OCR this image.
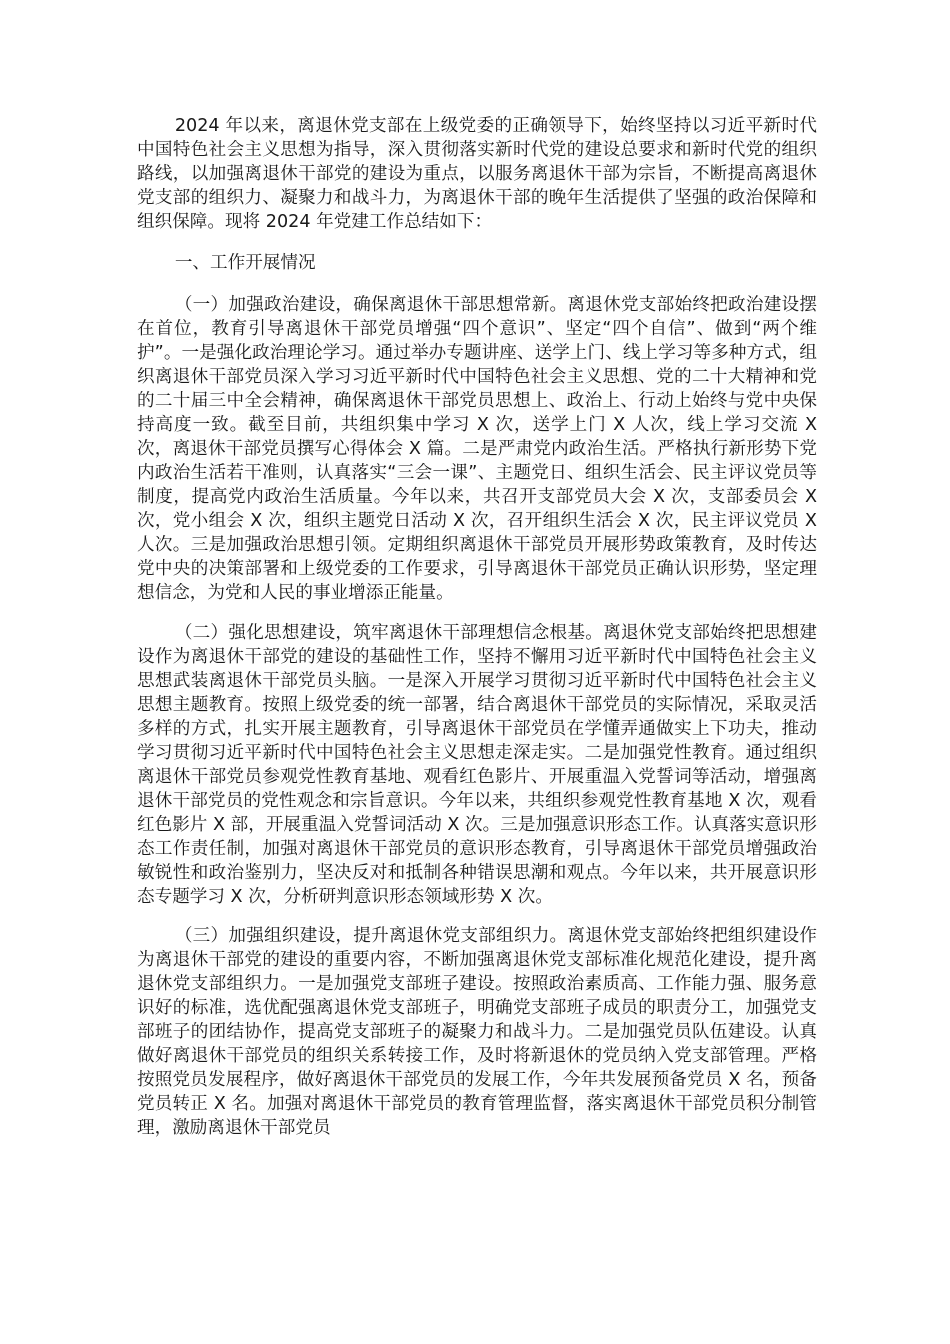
2024 年以来，离退休党支部在上级党委的正确领导下，始终坚持以习近平新时代中国特色社会主义思想为指导，深入贯彻落实新时代党的建设总要求和新时代党的组织路线，以加强离退休干部党的建设为重点，以服务离退休干部为宗旨，不断提高离退休党支部的组织力、凝聚力和战斗力，为离退休干部的晚年生活提供了坚强的政治保障和组织保障。现将 2024 年党建工作总结如下：

一、工作开展情况

（一）加强政治建设，确保离退休干部思想常新。离退休党支部始终把政治建设摆在首位，教育引导离退休干部党员增强“四个意识”、坚定“四个自信”、做到“两个维护”。一是强化政治理论学习。通过举办专题讲座、送学上门、线上学习等多种方式，组织离退休干部党员深入学习习近平新时代中国特色社会主义思想、党的二十大精神和党的二十届三中全会精神，确保离退休干部党员思想上、政治上、行动上始终与党中央保持高度一致。截至目前，共组织集中学习 X 次，送学上门 X 人次，线上学习交流 X 次，离退休干部党员撰写心得体会 X 篇。二是严肃党内政治生活。严格执行新形势下党内政治生活若干准则，认真落实“三会一课”、主题党日、组织生活会、民主评议党员等制度，提高党内政治生活质量。今年以来，共召开支部党员大会 X 次，支部委员会 X 次，党小组会 X 次，组织主题党日活动 X 次，召开组织生活会 X 次，民主评议党员 X 人次。三是加强政治思想引领。定期组织离退休干部党员开展形势政策教育，及时传达党中央的决策部署和上级党委的工作要求，引导离退休干部党员正确认识形势，坚定理想信念，为党和人民的事业增添正能量。

（二）强化思想建设，筑牢离退休干部理想信念根基。离退休党支部始终把思想建设作为离退休干部党的建设的基础性工作，坚持不懈用习近平新时代中国特色社会主义思想武装离退休干部党员头脑。一是深入开展学习贯彻习近平新时代中国特色社会主义思想主题教育。按照上级党委的统一部署，结合离退休干部党员的实际情况，采取灵活多样的方式，扎实开展主题教育，引导离退休干部党员在学懂弄通做实上下功夫，推动学习贯彻习近平新时代中国特色社会主义思想走深走实。二是加强党性教育。通过组织离退休干部党员参观党性教育基地、观看红色影片、开展重温入党誓词等活动，增强离退休干部党员的党性观念和宗旨意识。今年以来，共组织参观党性教育基地 X 次，观看红色影片 X 部，开展重温入党誓词活动 X 次。三是加强意识形态工作。认真落实意识形态工作责任制，加强对离退休干部党员的意识形态教育，引导离退休干部党员增强政治敏锐性和政治鉴别力，坚决反对和抵制各种错误思潮和观点。今年以来，共开展意识形态专题学习 X 次，分析研判意识形态领域形势 X 次。

（三）加强组织建设，提升离退休党支部组织力。离退休党支部始终把组织建设作为离退休干部党的建设的重要内容，不断加强离退休党支部标准化规范化建设，提升离退休党支部组织力。一是加强党支部班子建设。按照政治素质高、工作能力强、服务意识好的标准，选优配强离退休党支部班子，明确党支部班子成员的职责分工，加强党支部班子的团结协作，提高党支部班子的凝聚力和战斗力。二是加强党员队伍建设。认真做好离退休干部党员的组织关系转接工作，及时将新退休的党员纳入党支部管理。严格按照党员发展程序，做好离退休干部党员的发展工作，今年共发展预备党员 X 名，预备党员转正 X 名。加强对离退休干部党员的教育管理监督，落实离退休干部党员积分制管理，激励离退休干部党员
